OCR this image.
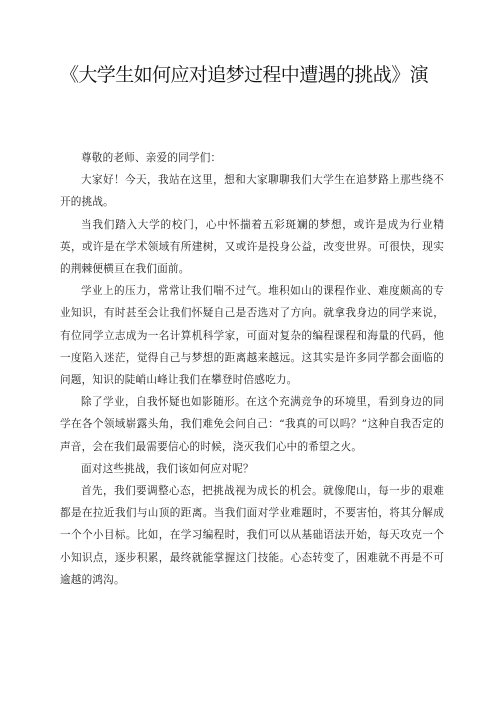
《大学生如何应对追梦过程中遭遇的挑战》演

尊敬的老师、亲爱的同学们：

大家好！今天，我站在这里，想和大家聊聊我们大学生在追梦路上那些绕不开的挑战。

当我们踏入大学的校门，心中怀揣着五彩斑斓的梦想，或许是成为行业精英，或许是在学术领域有所建树，又或许是投身公益，改变世界。可很快，现实的荆棘便横亘在我们面前。

学业上的压力，常常让我们喘不过气。堆积如山的课程作业、难度颇高的专业知识，有时甚至会让我们怀疑自己是否选对了方向。就拿我身边的同学来说，有位同学立志成为一名计算机科学家，可面对复杂的编程课程和海量的代码，他一度陷入迷茫，觉得自己与梦想的距离越来越远。这其实是许多同学都会面临的问题，知识的陡峭山峰让我们在攀登时倍感吃力。

除了学业，自我怀疑也如影随形。在这个充满竞争的环境里，看到身边的同学在各个领域崭露头角，我们难免会问自己：“我真的可以吗？”这种自我否定的声音，会在我们最需要信心的时候，浇灭我们心中的希望之火。

面对这些挑战，我们该如何应对呢？

首先，我们要调整心态，把挑战视为成长的机会。就像爬山，每一步的艰难都是在拉近我们与山顶的距离。当我们面对学业难题时，不要害怕，将其分解成一个个小目标。比如，在学习编程时，我们可以从基础语法开始，每天攻克一个小知识点，逐步积累，最终就能掌握这门技能。心态转变了，困难就不再是不可逾越的鸿沟。
